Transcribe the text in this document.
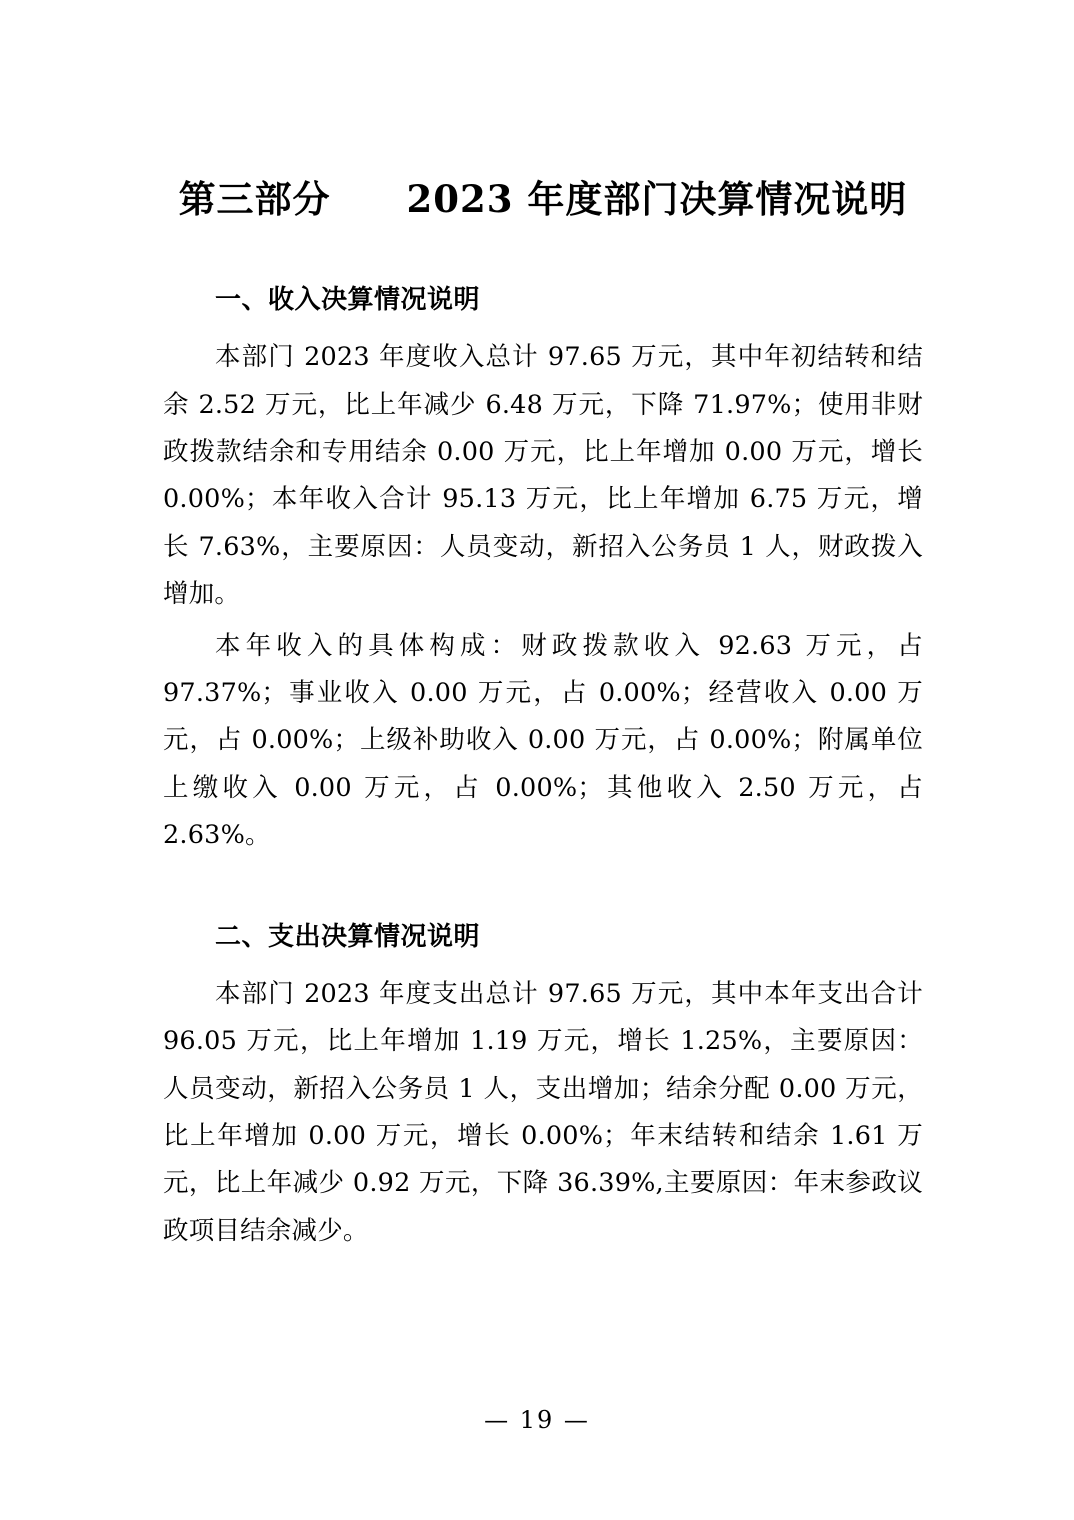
第三部分  2023 年度部门决算情况说明
一、收入决算情况说明

本部门 2023 年度收入总计 97.65 万元，其中年初结转和结余 2.52 万元，比上年减少 6.48 万元，下降 71.97%；使用非财政拨款结余和专用结余 0.00 万元，比上年增加 0.00 万元，增长 0.00%；本年收入合计 95.13 万元，比上年增加 6.75 万元，增长 7.63%，主要原因：人员变动，新招入公务员 1 人，财政拨入增加。

本年收入的具体构成：财政拨款收入 92.63 万元，占 97.37%；事业收入 0.00 万元，占 0.00%；经营收入 0.00 万元，占 0.00%；上级补助收入 0.00 万元，占 0.00%；附属单位上缴收入 0.00 万元，占 0.00%；其他收入 2.50 万元，占 2.63%。

二、支出决算情况说明

本部门 2023 年度支出总计 97.65 万元，其中本年支出合计 96.05 万元，比上年增加 1.19 万元，增长 1.25%，主要原因：人员变动，新招入公务员 1 人，支出增加；结余分配 0.00 万元，比上年增加 0.00 万元，增长 0.00%；年末结转和结余 1.61 万元，比上年减少 0.92 万元，下降 36.39%,主要原因：年末参政议政项目结余减少。

— 19 —
